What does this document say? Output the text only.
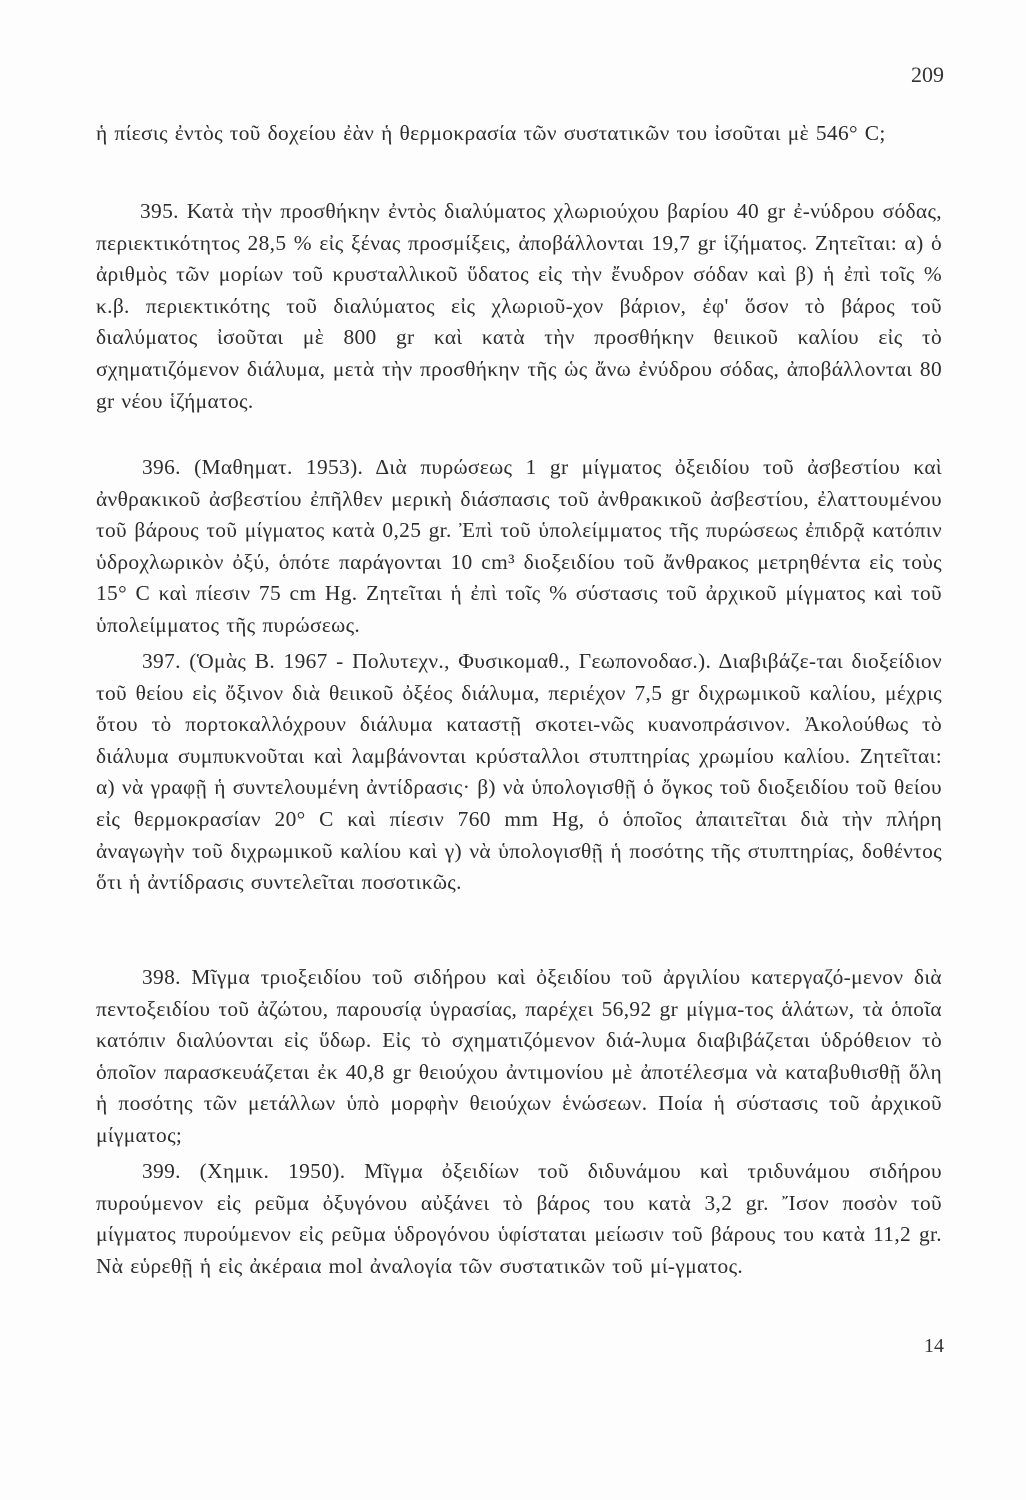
209

ἡ πίεσις ἐντὸς τοῦ δοχείου ἐὰν ἡ θερμοκρασία τῶν συστατικῶν του ἰσοῦται μὲ 546° C;

395. Κατὰ τὴν προσθήκην ἐντὸς διαλύματος χλωριούχου βαρίου 40 gr ἐ-νύδρου σόδας, περιεκτικότητος 28,5 % εἰς ξένας προσμίξεις, ἀποβάλλονται 19,7 gr ἱζήματος. Ζητεῖται: α) ὁ ἀριθμὸς τῶν μορίων τοῦ κρυσταλλικοῦ ὕδατος εἰς τὴν ἔνυδρον σόδαν καὶ β) ἡ ἐπὶ τοῖς % κ.β. περιεκτικότης τοῦ διαλύματος εἰς χλωριοῦ-χον βάριον, ἐφ' ὅσον τὸ βάρος τοῦ διαλύματος ἰσοῦται μὲ 800 gr καὶ κατὰ τὴν προσθήκην θειικοῦ καλίου εἰς τὸ σχηματιζόμενον διάλυμα, μετὰ τὴν προσθήκην τῆς ὡς ἄνω ἐνύδρου σόδας, ἀποβάλλονται 80 gr νέου ἱζήματος.

396. (Μαθηματ. 1953). Διὰ πυρώσεως 1 gr μίγματος ὀξειδίου τοῦ ἀσβεστίου καὶ ἀνθρακικοῦ ἀσβεστίου ἐπῆλθεν μερικὴ διάσπασις τοῦ ἀνθρακικοῦ ἀσβεστίου, ἐλαττουμένου τοῦ βάρους τοῦ μίγματος κατὰ 0,25 gr. Ἐπὶ τοῦ ὑπολείμματος τῆς πυρώσεως ἐπιδρᾷ κατόπιν ὑδροχλωρικὸν ὀξύ, ὁπότε παράγονται 10 cm³ διοξειδίου τοῦ ἄνθρακος μετρηθέντα εἰς τοὺς 15° C καὶ πίεσιν 75 cm Hg. Ζητεῖται ἡ ἐπὶ τοῖς % σύστασις τοῦ ἀρχικοῦ μίγματος καὶ τοῦ ὑπολείμματος τῆς πυρώσεως.

397. (Ὁμὰς Β. 1967 - Πολυτεχν., Φυσικομαθ., Γεωπονοδασ.). Διαβιβάζε-ται διοξείδιον τοῦ θείου εἰς ὄξινον διὰ θειικοῦ ὀξέος διάλυμα, περιέχον 7,5 gr διχρωμικοῦ καλίου, μέχρις ὅτου τὸ πορτοκαλλόχρουν διάλυμα καταστῇ σκοτει-νῶς κυανοπράσινον. Ἀκολούθως τὸ διάλυμα συμπυκνοῦται καὶ λαμβάνονται κρύσταλλοι στυπτηρίας χρωμίου καλίου. Ζητεῖται: α) νὰ γραφῇ ἡ συντελουμένη ἀντίδρασις· β) νὰ ὑπολογισθῇ ὁ ὄγκος τοῦ διοξειδίου τοῦ θείου εἰς θερμοκρασίαν 20° C καὶ πίεσιν 760 mm Hg, ὁ ὁποῖος ἀπαιτεῖται διὰ τὴν πλήρη ἀναγωγὴν τοῦ διχρωμικοῦ καλίου καὶ γ) νὰ ὑπολογισθῇ ἡ ποσότης τῆς στυπτηρίας, δοθέντος ὅτι ἡ ἀντίδρασις συντελεῖται ποσοτικῶς.

398. Μῖγμα τριοξειδίου τοῦ σιδήρου καὶ ὀξειδίου τοῦ ἀργιλίου κατεργαζό-μενον διὰ πεντοξειδίου τοῦ ἀζώτου, παρουσίᾳ ὑγρασίας, παρέχει 56,92 gr μίγμα-τος ἁλάτων, τὰ ὁποῖα κατόπιν διαλύονται εἰς ὕδωρ. Εἰς τὸ σχηματιζόμενον διά-λυμα διαβιβάζεται ὑδρόθειον τὸ ὁποῖον παρασκευάζεται ἐκ 40,8 gr θειούχου ἀντιμονίου μὲ ἀποτέλεσμα νὰ καταβυθισθῇ ὅλη ἡ ποσότης τῶν μετάλλων ὑπὸ μορφὴν θειούχων ἑνώσεων. Ποία ἡ σύστασις τοῦ ἀρχικοῦ μίγματος;

399. (Χημικ. 1950). Μῖγμα ὀξειδίων τοῦ διδυνάμου καὶ τριδυνάμου σιδήρου πυρούμενον εἰς ρεῦμα ὀξυγόνου αὐξάνει τὸ βάρος του κατὰ 3,2 gr. Ἴσον ποσὸν τοῦ μίγματος πυρούμενον εἰς ρεῦμα ὑδρογόνου ὑφίσταται μείωσιν τοῦ βάρους του κατὰ 11,2 gr. Νὰ εὑρεθῇ ἡ εἰς ἀκέραια mol ἀναλογία τῶν συστατικῶν τοῦ μί-γματος.

14
